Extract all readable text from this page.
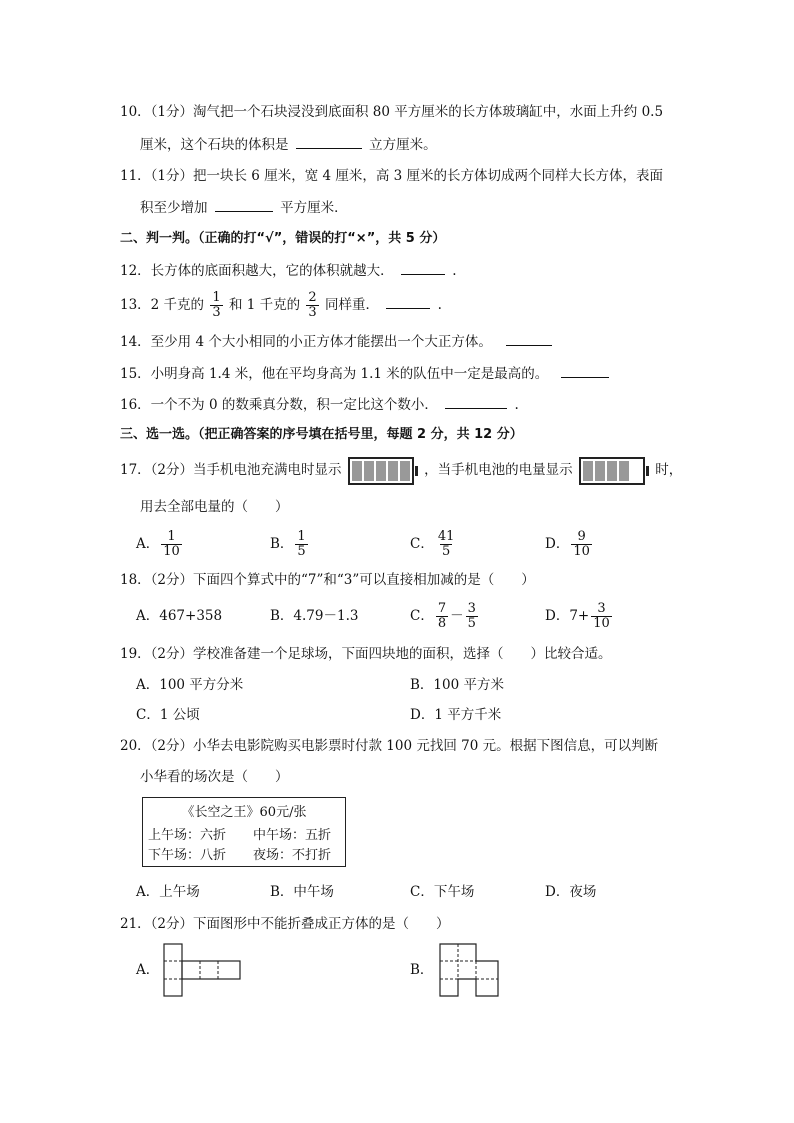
10．（1分）淘气把一个石块浸没到底面积 80 平方厘米的长方体玻璃缸中，水面上升约 0.5
厘米，这个石块的体积是	立方厘米。
11．（1分）把一块长 6 厘米，宽 4 厘米，高 3 厘米的长方体切成两个同样大长方体，表面
积至少增加	平方厘米．
二、判一判。（正确的打“√”，错误的打“×”，共 5 分）
12．长方体的底面积越大，它的体积就越大．	.
13．2 千克的 $\frac{1}{3}$ 和 1 千克的 $\frac{2}{3}$ 同样重．	.
14．至少用 4 个大小相同的小正方体才能摆出一个大正方体。
15．小明身高 1.4 米，他在平均身高为 1.1 米的队伍中一定是最高的。
16．一个不为 0 的数乘真分数，积一定比这个数小．	.
三、选一选。（把正确答案的序号填在括号里，每题 2 分，共 12 分）
17．（2分）当手机电池充满电时显示	，当手机电池的电量显示	时，
用去全部电量的（　　）
A． $\frac{1}{10}$	B． $\frac{1}{5}$	C． $\frac{41}{5}$	D． $\frac{9}{10}$
18．（2分）下面四个算式中的“7”和“3”可以直接相加减的是（　　）
A．467+358	B．4.79－1.3	C． $\frac{7}{8} - \frac{3}{5}$	D．$7+ \frac{3}{10}$
19．（2分）学校准备建一个足球场，下面四块地的面积，选择（　　）比较合适。
A．100 平方分米	B．100 平方米
C．1 公顷	D．1 平方千米
20．（2分）小华去电影院购买电影票时付款 100 元找回 70 元。根据下图信息，可以判断
小华看的场次是（　　）
《长空之王》60元/张
上午场：六折 中午场：五折
下午场：八折 夜场：不打折
A．上午场	B．中午场	C．下午场	D．夜场
21．（2分）下面图形中不能折叠成正方体的是（　　）
A．	B．
